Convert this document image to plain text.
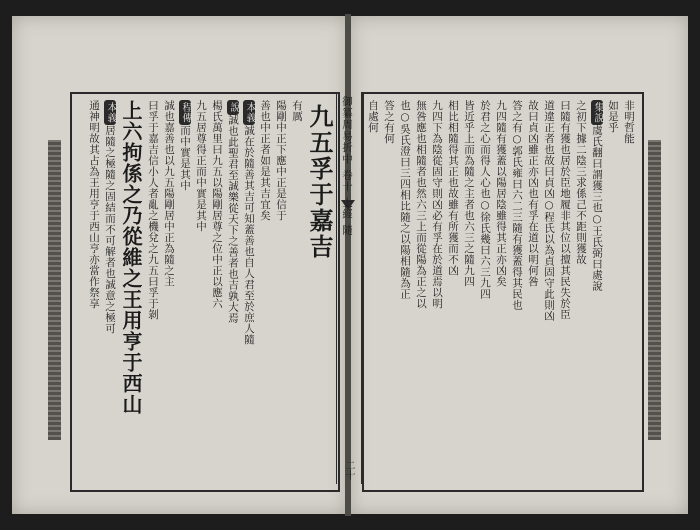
御纂周易折中 卷十 上經 隨
二十
九五孚于嘉吉
有厲
陽剛中正下應中正是信于
善也中正者如是其吉宜矣
本義誠在於隨善其吉可知蓋善也自人君至於庶人隨
說誠也此聖君至誠樂從天下之善者也吉孰大焉
楊氏萬里曰九五以陽剛居尊之位中正以應六
九五居尊得正而中實是其中
程傳而中實是其中
誠也嘉善也以九五陽剛居中正為隨之主
曰孚于嘉吉信小人者亂之機兌之九五曰孚于剝
上六拘係之乃從維之王用亨于西山
本義居隨之極隨之固結而不可解者也誠意之極可
通神明故其占為王用亨于西山亨亦當作祭享	非明哲能
如是乎
集說虞氏翻曰謂獲三也○王氏弼曰處說
之初下據二陰三求係己不距則獲故
曰隨有獲也居於臣地履非其位以擅其民失於臣
道違正者也故曰貞凶○程氏以為貞固守此則凶
故曰貞凶雖正亦凶也有孚在道以明何咎
答之有○郭氏雍曰六二三隨有獲蓋得其民也
九四隨有獲蓋以陽居陰雖得其正亦凶矣
於君之心而得人心也○徐氏幾曰六三九四
皆近乎上而為隨之主者也六三之隨九四
相比相隨得其正也故雖有所獲而不凶
九四下為陰從固守則凶必有孚在於道焉以明
無咎應也相隨者也然六三上而從陽為正之以
也○吳氏澄曰三四相比隨之以陽相隨為正
答之有何
自處何
